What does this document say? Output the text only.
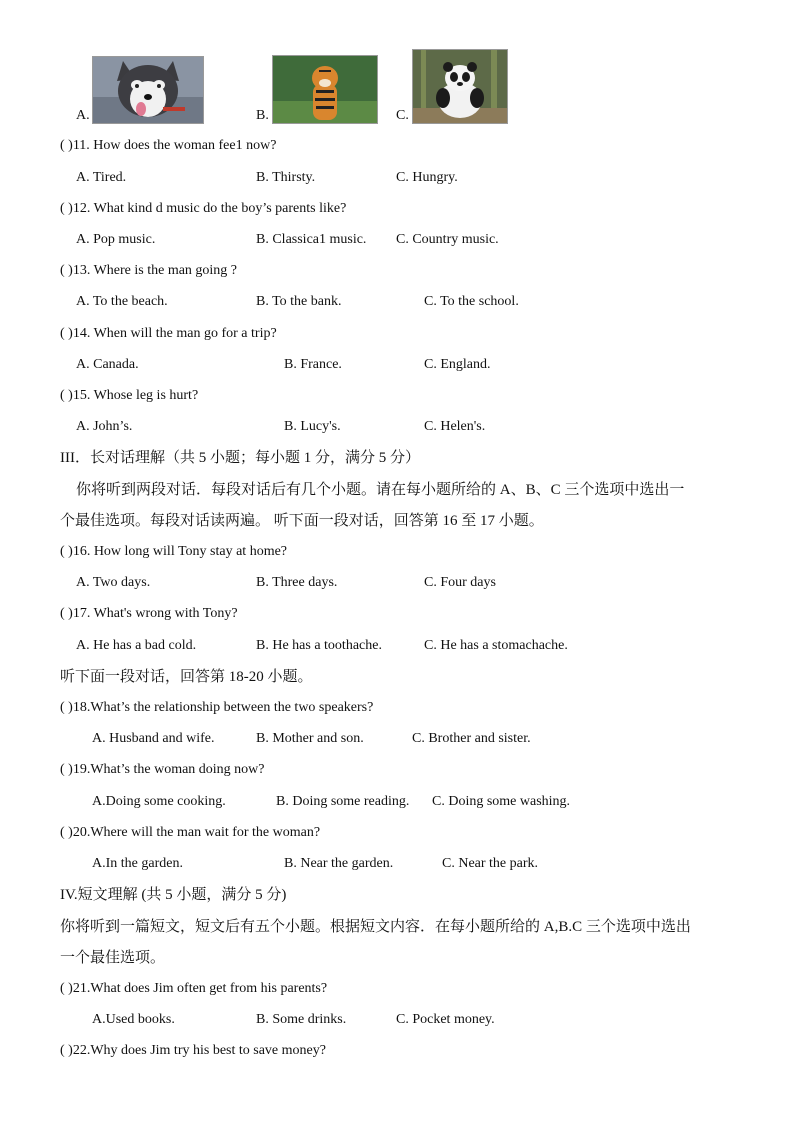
A.	B.	C.
( )11. How does the woman fee1 now?
A. Tired.	B. Thirsty.	C. Hungry.
( )12. What kind d music do the boy’s parents like?
A. Pop music.	B. Classica1 music. C. Country music.
( )13. Where is the man going ?
A. To the beach.	B. To the bank.	C. To the school.
( )14. When will the man go for a trip?
A. Canada.	B. France.	C. England.
( )15. Whose leg is hurt?
A. John’s.	B. Lucy's.	C. Helen's.
III．长对话理解（共 5 小题；每小题 1 分，满分 5 分）
你将听到两段对话．每段对话后有几个小题。请在每小题所给的 A、B、C 三个选项中选出一
个最佳选项。每段对话读两遍。 听下面一段对话，回答第 16 至 17 小题。
( )16. How long will Tony stay at home?
A. Two days.	B. Three days.	C. Four days
( )17. What's wrong with Tony?
A. He has a bad cold.	B. He has a toothache.	C. He has a stomachache.
听下面一段对话，回答第 18-20 小题。
( )18.What’s the relationship between the two speakers?
A. Husband and wife.	B. Mother and son.	C. Brother and sister.
( )19.What’s the woman doing now?
A.Doing some cooking.	B. Doing some reading. C. Doing some washing.
( )20.Where will the man wait for the woman?
A.In the garden.	B. Near the garden.	C. Near the park.
IV.短文理解 (共 5 小题，满分 5 分)
你将听到一篇短文，短文后有五个小题。根据短文内容．在每小题所给的 A,B.C 三个选项中选出
一个最佳选项。
( )21.What does Jim often get from his parents?
A.Used books.	B. Some drinks.	C. Pocket money.
( )22.Why does Jim try his best to save money?
